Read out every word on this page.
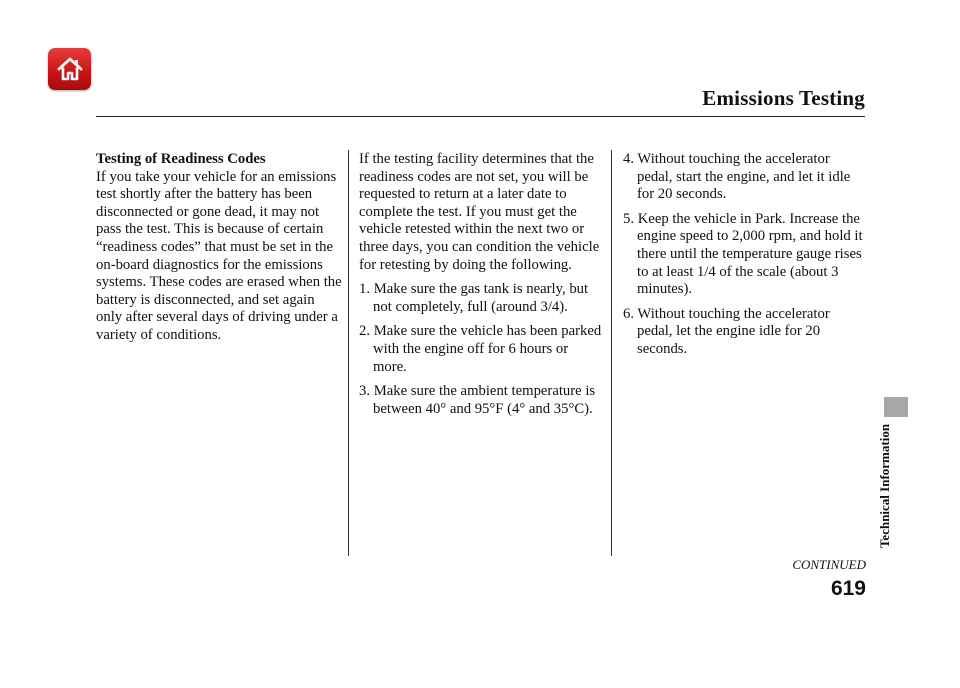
Emissions Testing

Testing of Readiness Codes

If you take your vehicle for an emissions test shortly after the battery has been disconnected or gone dead, it may not pass the test. This is because of certain “readiness codes” that must be set in the on-board diagnostics for the emissions systems. These codes are erased when the battery is disconnected, and set again only after several days of driving under a variety of conditions.

If the testing facility determines that the readiness codes are not set, you will be requested to return at a later date to complete the test. If you must get the vehicle retested within the next two or three days, you can condition the vehicle for retesting by doing the following.

1. Make sure the gas tank is nearly, but not completely, full (around 3/4).
2. Make sure the vehicle has been parked with the engine off for 6 hours or more.
3. Make sure the ambient temperature is between 40° and 95°F (4° and 35°C).
4. Without touching the accelerator pedal, start the engine, and let it idle for 20 seconds.
5. Keep the vehicle in Park. Increase the engine speed to 2,000 rpm, and hold it there until the temperature gauge rises to at least 1/4 of the scale (about 3 minutes).
6. Without touching the accelerator pedal, let the engine idle for 20 seconds.
Technical Information
CONTINUED
619
